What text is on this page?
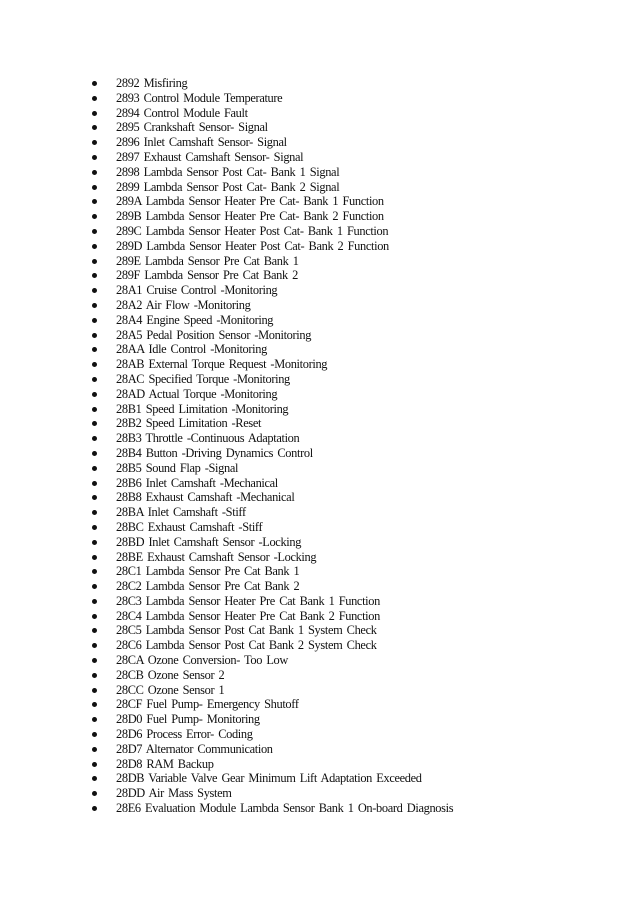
2892 Misfiring
2893 Control Module Temperature
2894 Control Module Fault
2895 Crankshaft Sensor- Signal
2896 Inlet Camshaft Sensor- Signal
2897 Exhaust Camshaft Sensor- Signal
2898 Lambda Sensor Post Cat- Bank 1 Signal
2899 Lambda Sensor Post Cat- Bank 2 Signal
289A Lambda Sensor Heater Pre Cat- Bank 1 Function
289B Lambda Sensor Heater Pre Cat- Bank 2 Function
289C Lambda Sensor Heater Post Cat- Bank 1 Function
289D Lambda Sensor Heater Post Cat- Bank 2 Function
289E Lambda Sensor Pre Cat Bank 1
289F Lambda Sensor Pre Cat Bank 2
28A1 Cruise Control -Monitoring
28A2 Air Flow -Monitoring
28A4 Engine Speed -Monitoring
28A5 Pedal Position Sensor -Monitoring
28AA Idle Control -Monitoring
28AB External Torque Request -Monitoring
28AC Specified Torque -Monitoring
28AD Actual Torque -Monitoring
28B1 Speed Limitation -Monitoring
28B2 Speed Limitation -Reset
28B3 Throttle -Continuous Adaptation
28B4 Button -Driving Dynamics Control
28B5 Sound Flap -Signal
28B6 Inlet Camshaft -Mechanical
28B8 Exhaust Camshaft -Mechanical
28BA Inlet Camshaft -Stiff
28BC Exhaust Camshaft -Stiff
28BD Inlet Camshaft Sensor -Locking
28BE Exhaust Camshaft Sensor -Locking
28C1 Lambda Sensor Pre Cat Bank 1
28C2 Lambda Sensor Pre Cat Bank 2
28C3 Lambda Sensor Heater Pre Cat Bank 1 Function
28C4 Lambda Sensor Heater Pre Cat Bank 2 Function
28C5 Lambda Sensor Post Cat Bank 1 System Check
28C6 Lambda Sensor Post Cat Bank 2 System Check
28CA Ozone Conversion- Too Low
28CB Ozone Sensor 2
28CC Ozone Sensor 1
28CF Fuel Pump- Emergency Shutoff
28D0 Fuel Pump- Monitoring
28D6 Process Error- Coding
28D7 Alternator Communication
28D8 RAM Backup
28DB Variable Valve Gear Minimum Lift Adaptation Exceeded
28DD Air Mass System
28E6 Evaluation Module Lambda Sensor Bank 1 On-board Diagnosis
